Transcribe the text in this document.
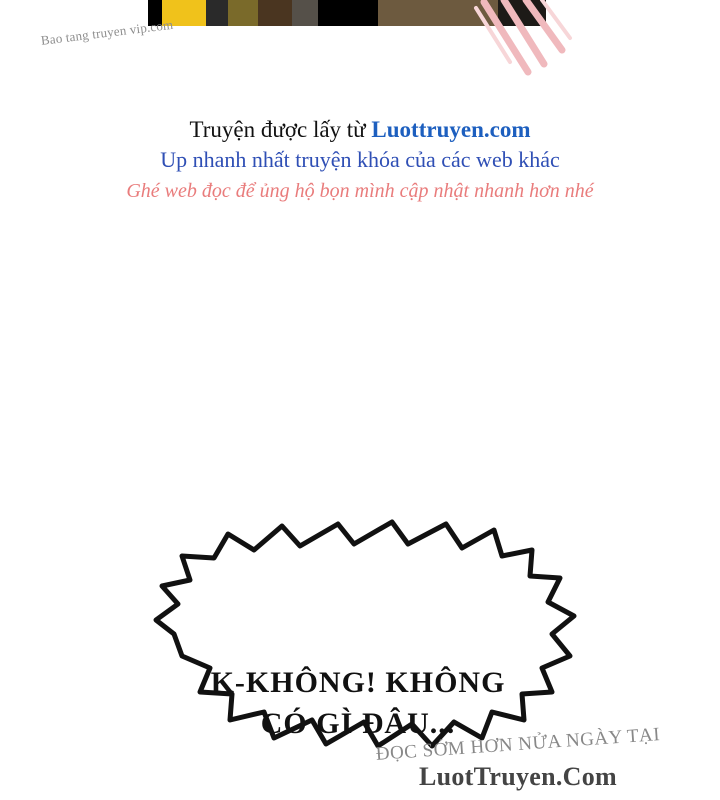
Bao tang truyen vip.com
Truyện được lấy từ Luottruyen.com
Up nhanh nhất truyện khóa của các web khác
Ghé web đọc để ủng hộ bọn mình cập nhật nhanh hơn nhé
K-KHÔNG! KHÔNG
CÓ GÌ ĐÂU...
ĐỌC SỚM HƠN NỬA NGÀY TẠI
LuotTruyen.Com
